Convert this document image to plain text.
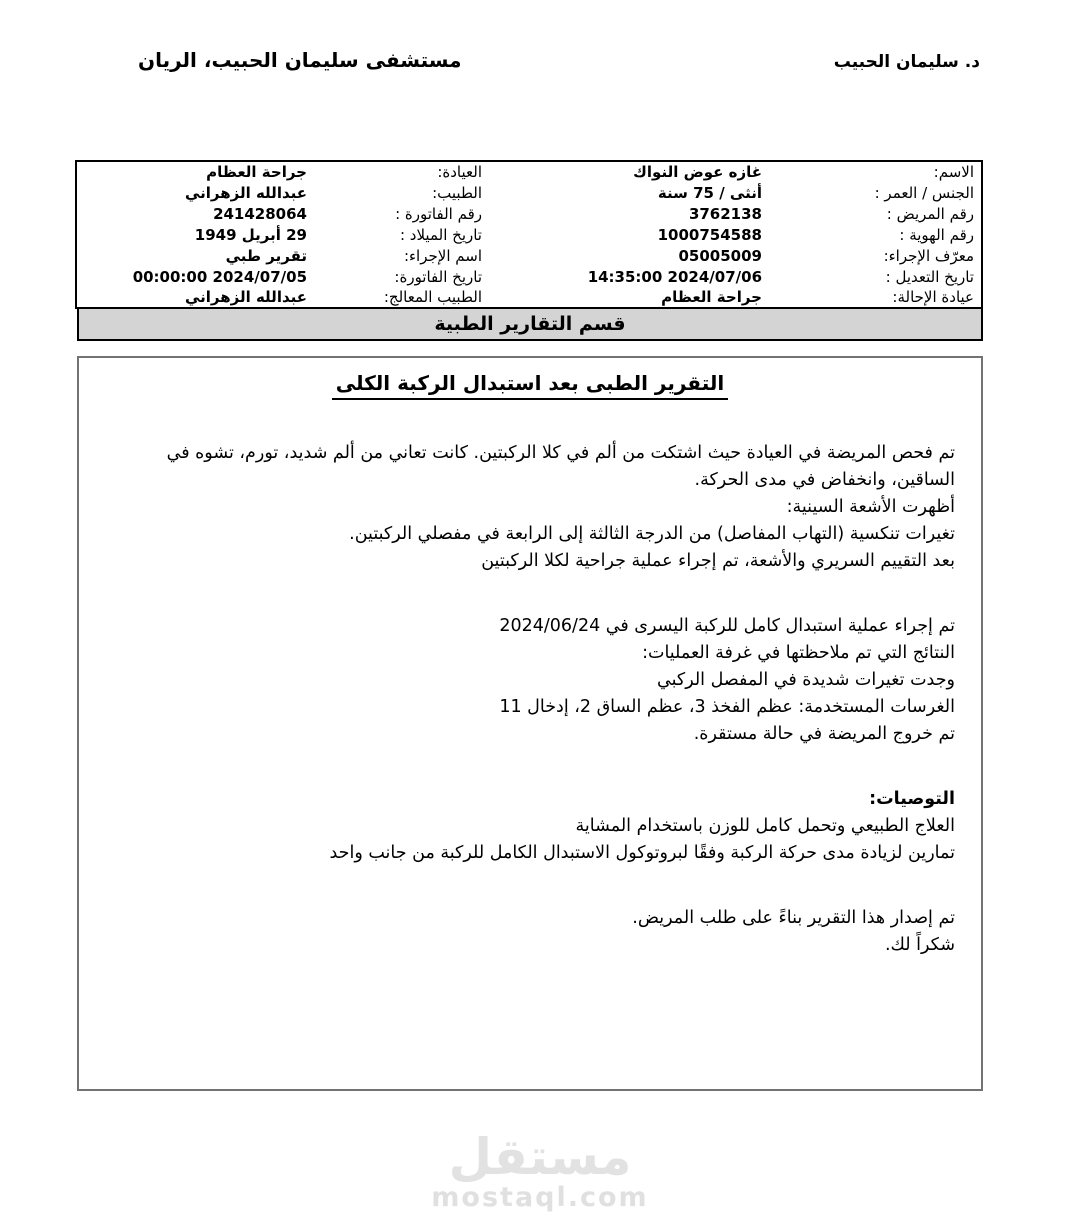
د. سليمان الحبيب
مستشفى سليمان الحبيب، الريان
الاسم:	غازه عوض النواك	العيادة:	جراحة العظام
الجنس / العمر :	أنثى / 75 سنة	الطبيب:	عبدالله الزهراني
رقم المريض :	3762138	رقم الفاتورة :	241428064
رقم الهوية :	1000754588	تاريخ الميلاد :	29 أبريل 1949
معرّف الإجراء:	05005009	اسم الإجراء:	تقرير طبي
تاريخ التعديل :	2024/07/06 14:35:00	تاريخ الفاتورة:	2024/07/05 00:00:00
عيادة الإحالة:	جراحة العظام	الطبيب المعالج:	عبدالله الزهراني
قسم التقارير الطبية
التقرير الطبى بعد استبدال الركبة الكلى
تم فحص المريضة في العيادة حيث اشتكت من ألم في كلا الركبتين. كانت تعاني من ألم شديد، تورم، تشوه في
الساقين، وانخفاض في مدى الحركة.
أظهرت الأشعة السينية:
تغيرات تنكسية (التهاب المفاصل) من الدرجة الثالثة إلى الرابعة في مفصلي الركبتين.
بعد التقييم السريري والأشعة، تم إجراء عملية جراحية لكلا الركبتين
تم إجراء عملية استبدال كامل للركبة اليسرى في 2024/06/24
النتائج التي تم ملاحظتها في غرفة العمليات:
وجدت تغيرات شديدة في المفصل الركبي
الغرسات المستخدمة: عظم الفخذ 3، عظم الساق 2، إدخال 11
تم خروج المريضة في حالة مستقرة.
التوصيات:
العلاج الطبيعي وتحمل كامل للوزن باستخدام المشاية
تمارين لزيادة مدى حركة الركبة وفقًا لبروتوكول الاستبدال الكامل للركبة من جانب واحد
تم إصدار هذا التقرير بناءً على طلب المريض.
شكراً لك.
مستقل
mostaql.com
